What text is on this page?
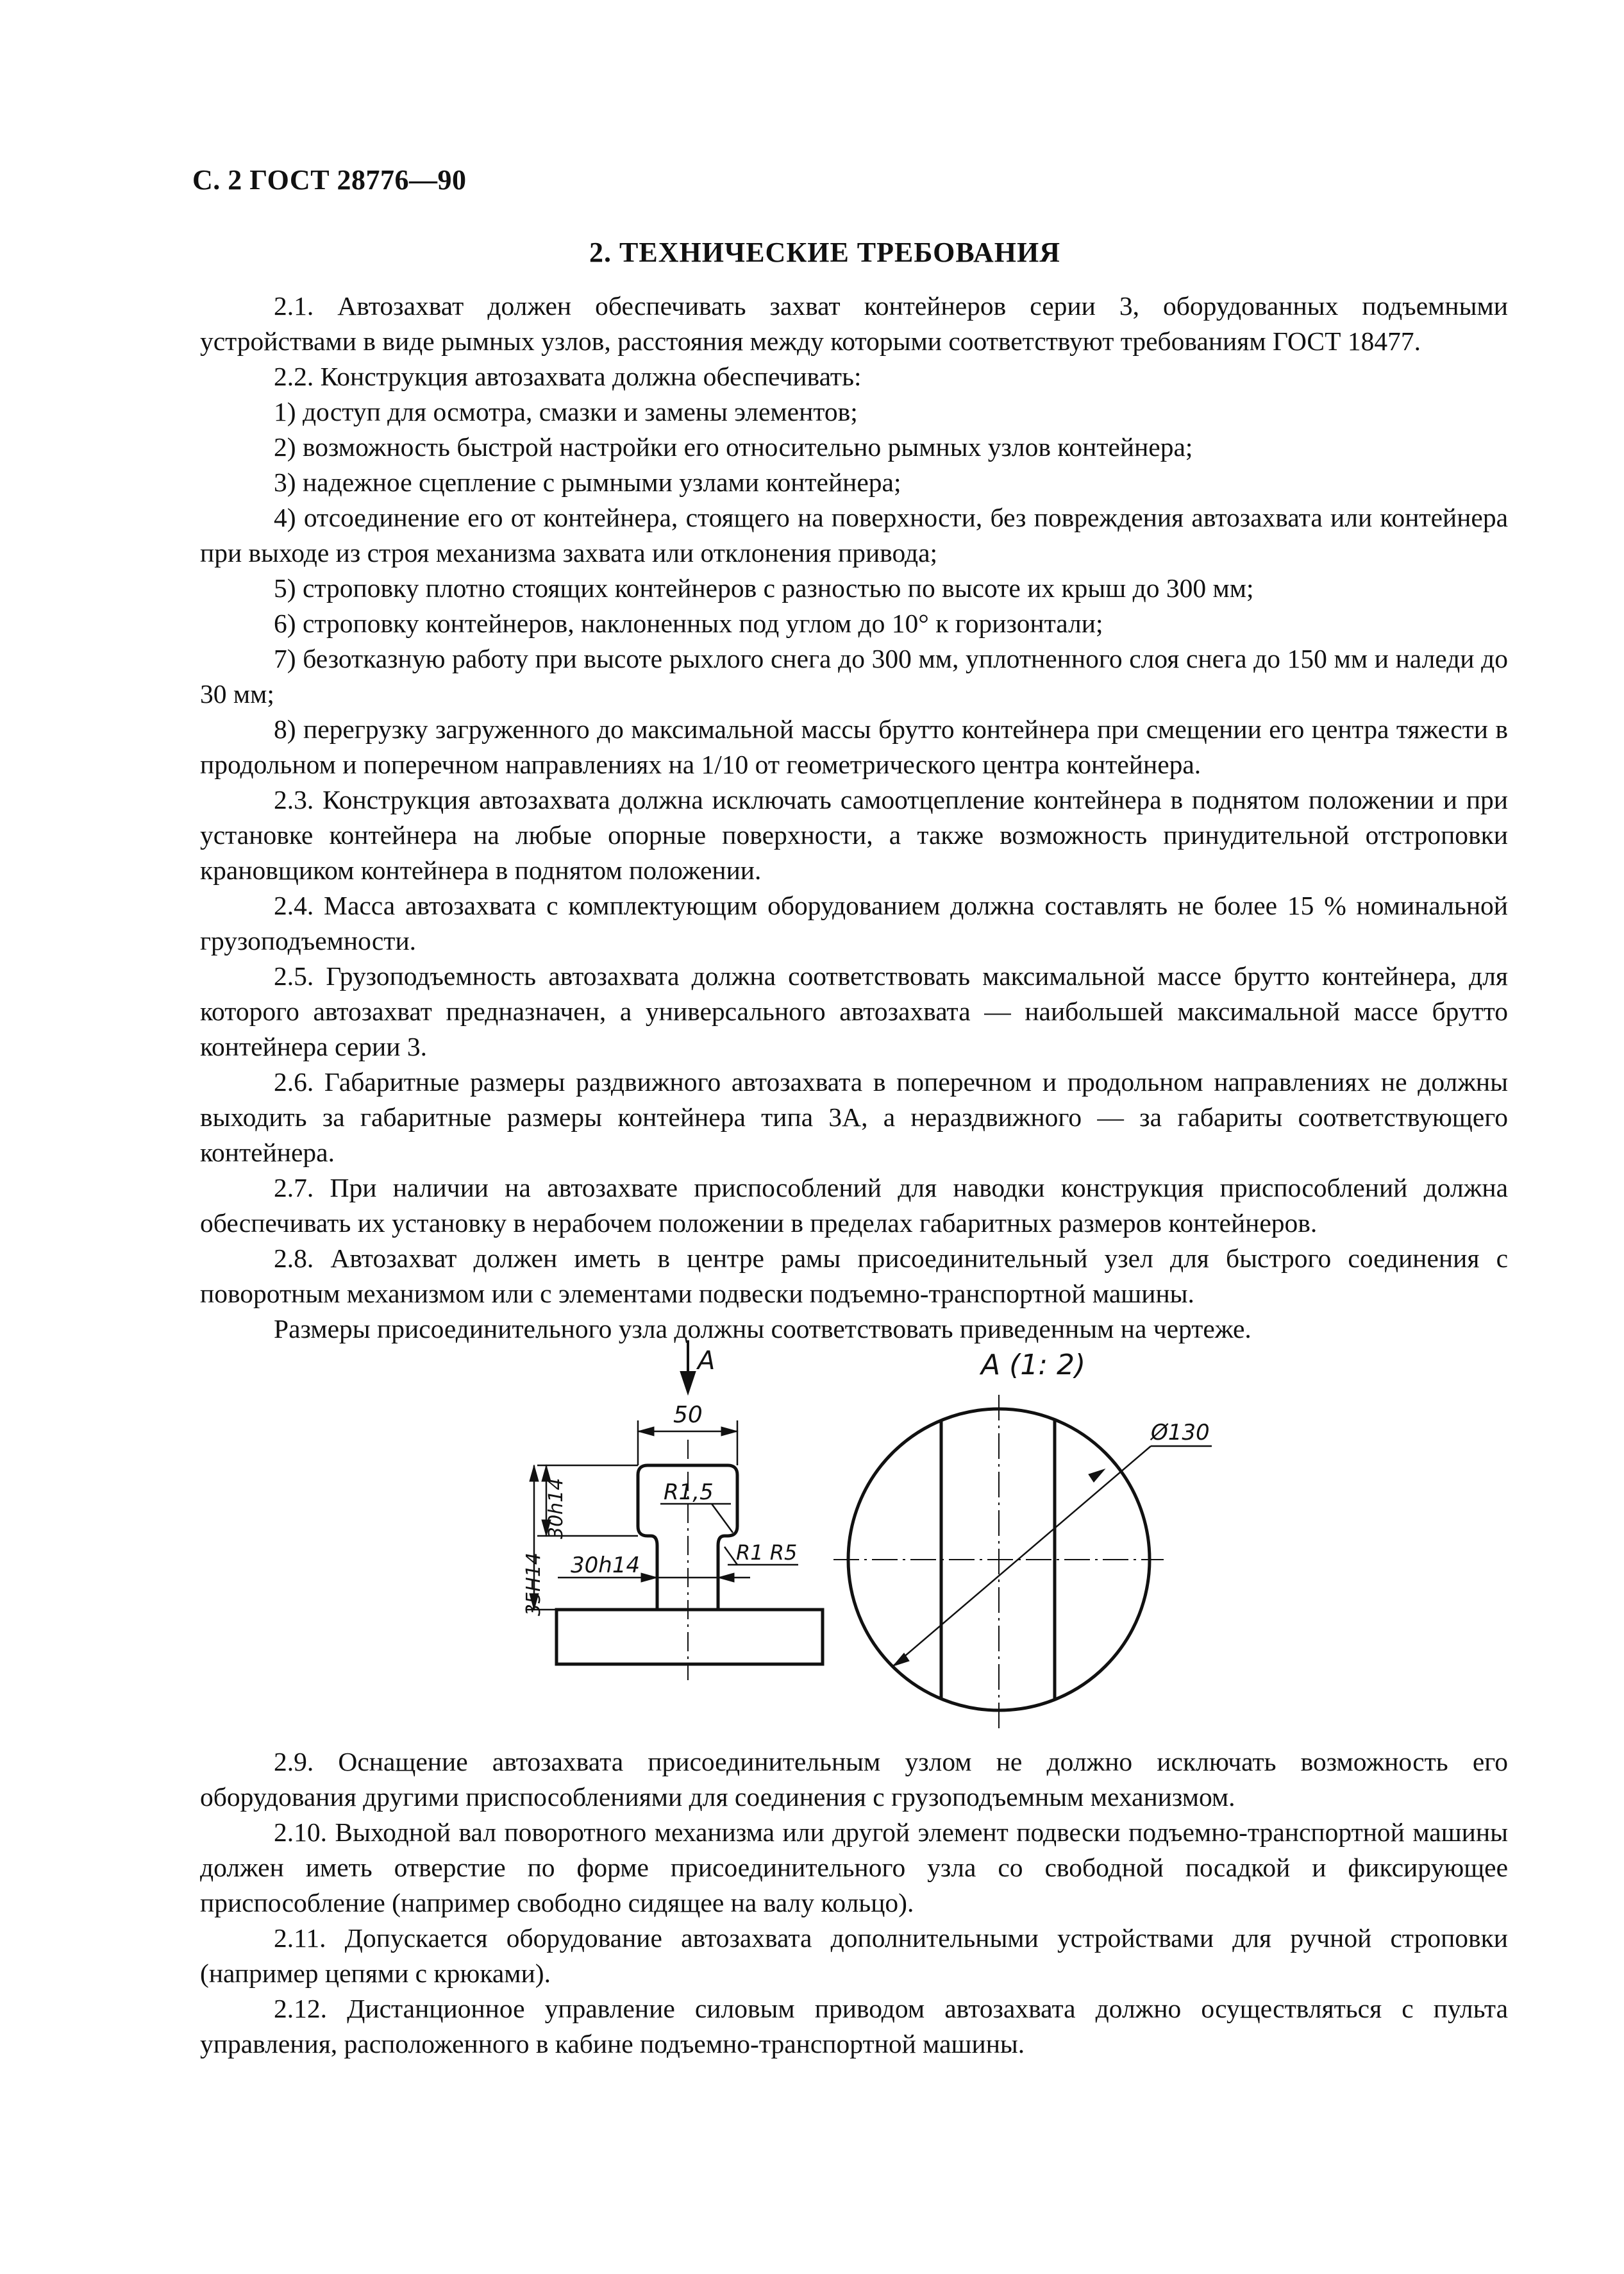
С. 2 ГОСТ 28776—90
2. ТЕХНИЧЕСКИЕ ТРЕБОВАНИЯ

2.1. Автозахват должен обеспечивать захват контейнеров серии 3, оборудованных подъемными устройствами в виде рымных узлов, расстояния между которыми соответствуют требованиям ГОСТ 18477.

2.2. Конструкция автозахвата должна обеспечивать:

1) доступ для осмотра, смазки и замены элементов;

2) возможность быстрой настройки его относительно рымных узлов контейнера;

3) надежное сцепление с рымными узлами контейнера;

4) отсоединение его от контейнера, стоящего на поверхности, без повреждения автозахвата или контейнера при выходе из строя механизма захвата или отклонения привода;

5) строповку плотно стоящих контейнеров с разностью по высоте их крыш до 300 мм;

6) строповку контейнеров, наклоненных под углом до 10° к горизонтали;

7) безотказную работу при высоте рыхлого снега до 300 мм, уплотненного слоя снега до 150 мм и наледи до 30 мм;

8) перегрузку загруженного до максимальной массы брутто контейнера при смещении его центра тяжести в продольном и поперечном направлениях на 1/10 от геометрического центра контейнера.

2.3. Конструкция автозахвата должна исключать самоотцепление контейнера в поднятом положении и при установке контейнера на любые опорные поверхности, а также возможность принудительной отстроповки крановщиком контейнера в поднятом положении.

2.4. Масса автозахвата с комплектующим оборудованием должна составлять не более 15 % номинальной грузоподъемности.

2.5. Грузоподъемность автозахвата должна соответствовать максимальной массе брутто контейнера, для которого автозахват предназначен, а универсального автозахвата — наибольшей максимальной массе брутто контейнера серии 3.

2.6. Габаритные размеры раздвижного автозахвата в поперечном и продольном направлениях не должны выходить за габаритные размеры контейнера типа 3А, а нераздвижного — за габариты соответствующего контейнера.

2.7. При наличии на автозахвате приспособлений для наводки конструкция приспособлений должна обеспечивать их установку в нерабочем положении в пределах габаритных размеров контейнеров.

2.8. Автозахват должен иметь в центре рамы присоединительный узел для быстрого соединения с поворотным механизмом или с элементами подвески подъемно-транспортной машины.

Размеры присоединительного узла должны соответствовать приведенным на чертеже.

A
50
R1,5
30h14
35H14 30h14	R1 R5
A (1: 2)
Ø130

2.9. Оснащение автозахвата присоединительным узлом не должно исключать возможность его оборудования другими приспособлениями для соединения с грузоподъемным механизмом.

2.10. Выходной вал поворотного механизма или другой элемент подвески подъемно-транспортной машины должен иметь отверстие по форме присоединительного узла со свободной посадкой и фиксирующее приспособление (например свободно сидящее на валу кольцо).

2.11. Допускается оборудование автозахвата дополнительными устройствами для ручной строповки (например цепями с крюками).

2.12. Дистанционное управление силовым приводом автозахвата должно осуществляться с пульта управления, расположенного в кабине подъемно-транспортной машины.
